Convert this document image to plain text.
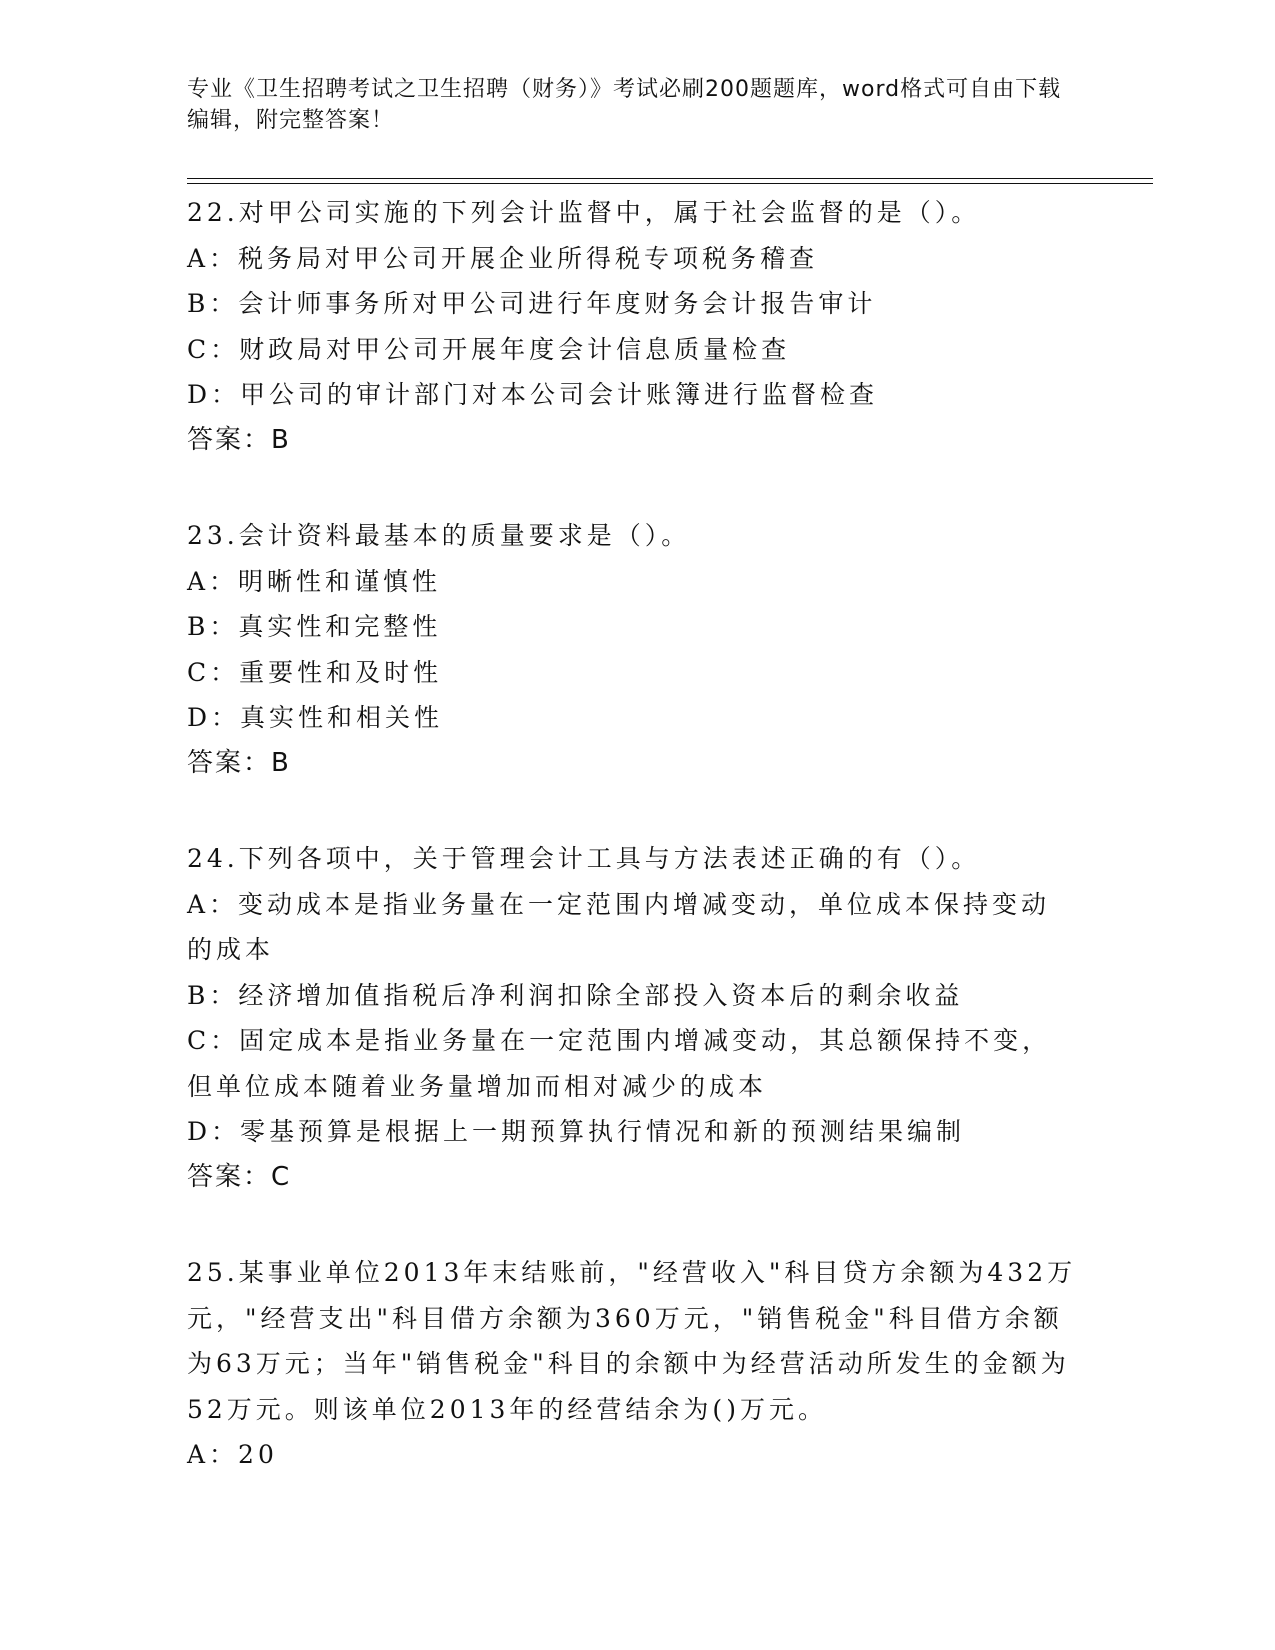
专业《卫生招聘考试之卫生招聘（财务）》考试必刷200题题库，word格式可自由下载编辑，附完整答案！
22.对甲公司实施的下列会计监督中，属于社会监督的是（）。
A：税务局对甲公司开展企业所得税专项税务稽查
B：会计师事务所对甲公司进行年度财务会计报告审计
C：财政局对甲公司开展年度会计信息质量检查
D：甲公司的审计部门对本公司会计账簿进行监督检查
答案：B
23.会计资料最基本的质量要求是（）。
A：明晰性和谨慎性
B：真实性和完整性
C：重要性和及时性
D：真实性和相关性
答案：B
24.下列各项中，关于管理会计工具与方法表述正确的有（）。
A：变动成本是指业务量在一定范围内增减变动，单位成本保持变动的成本
B：经济增加值指税后净利润扣除全部投入资本后的剩余收益
C：固定成本是指业务量在一定范围内增减变动，其总额保持不变，但单位成本随着业务量增加而相对减少的成本
D：零基预算是根据上一期预算执行情况和新的预测结果编制
答案：C
25.某事业单位2013年末结账前，"经营收入"科目贷方余额为432万元，"经营支出"科目借方余额为360万元，"销售税金"科目借方余额为63万元；当年"销售税金"科目的余额中为经营活动所发生的金额为52万元。则该单位2013年的经营结余为()万元。
A：20
